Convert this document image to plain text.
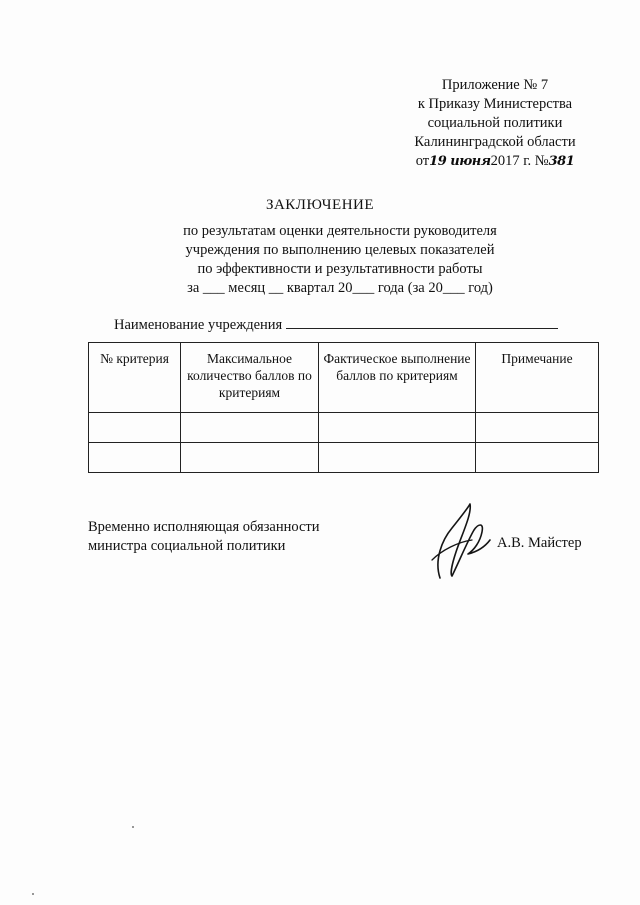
Приложение № 7
к Приказу Министерства
социальной политики
Калининградской области
от19 июня2017 г. №381
ЗАКЛЮЧЕНИЕ
по результатам оценки деятельности руководителя
учреждения по выполнению целевых показателей
по эффективности и результативности работы
за ___ месяц __ квартал 20___ года (за 20___ год)
Наименование учреждения
№ критерия	Максимальное количество баллов по критериям	Фактическое выполнение баллов по критериям	Примечание

Временно исполняющая обязанности
министра социальной политики	А.В. Майстер
